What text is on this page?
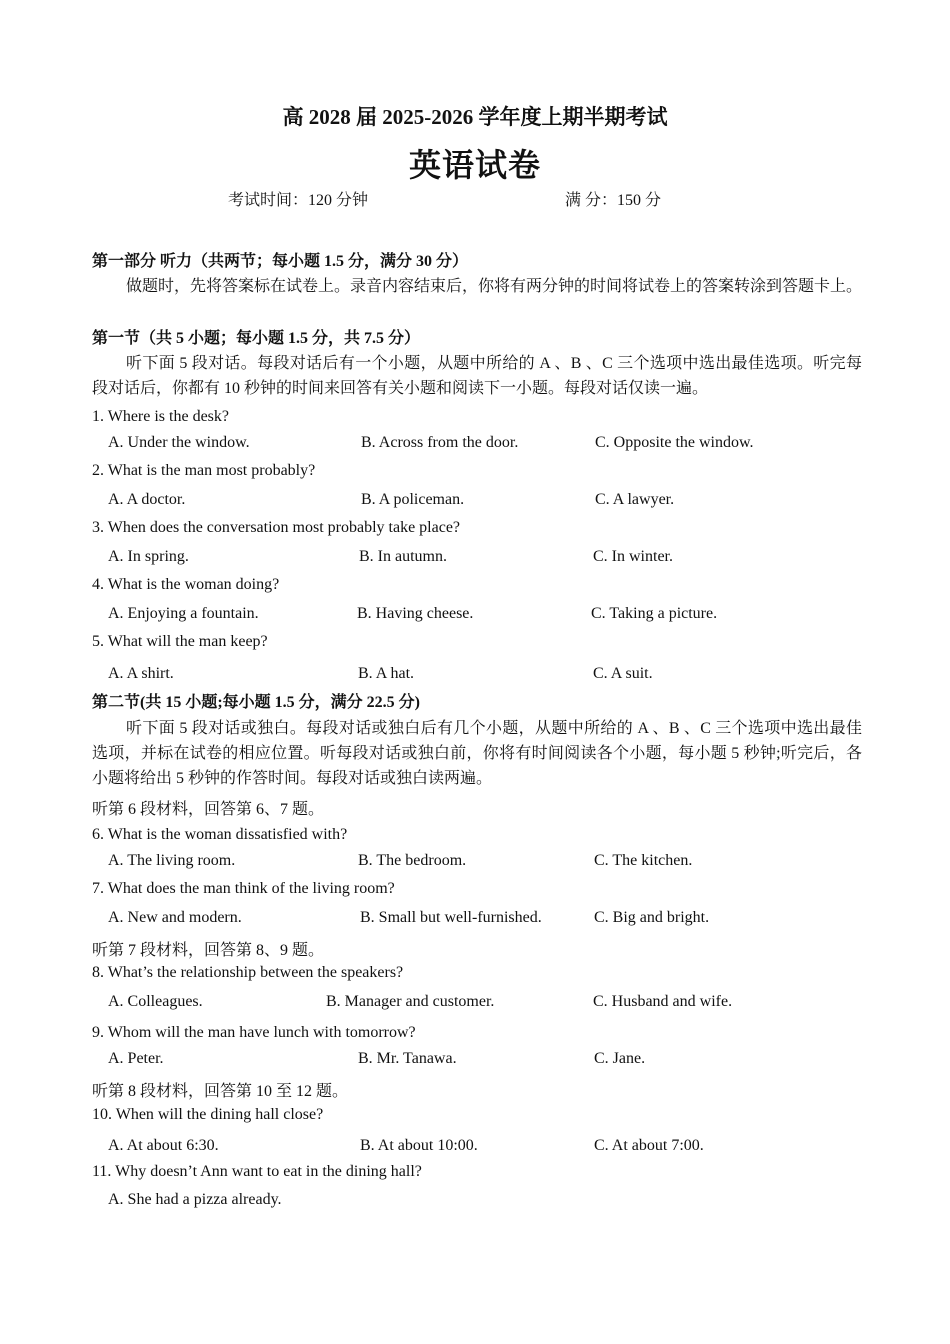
高 2028 届 2025-2026 学年度上期半期考试
英语试卷
考试时间：120 分钟	满 分：150 分
第一部分 听力（共两节；每小题 1.5 分，满分 30 分）
做题时，先将答案标在试卷上。录音内容结束后，你将有两分钟的时间将试卷上的答案转涂到答题卡上。
第一节（共 5 小题；每小题 1.5 分，共 7.5 分）
听下面 5 段对话。每段对话后有一个小题，从题中所给的 A 、B 、C 三个选项中选出最佳选项。听完每段对话后，你都有 10 秒钟的时间来回答有关小题和阅读下一小题。每段对话仅读一遍。
1. Where is the desk?
A. Under the window.	B. Across from the door.	C. Opposite the window.
2. What is the man most probably?
A. A doctor.	B. A policeman.	C. A lawyer.
3. When does the conversation most probably take place?
A. In spring.	B. In autumn.	C. In winter.
4. What is the woman doing?
A. Enjoying a fountain.	B. Having cheese.	C. Taking a picture.
5. What will the man keep?
A. A shirt.	B. A hat.	C. A suit.
第二节(共 15 小题;每小题 1.5 分，满分 22.5 分)
听下面 5 段对话或独白。每段对话或独白后有几个小题，从题中所给的 A 、B 、C 三个选项中选出最佳选项，并标在试卷的相应位置。听每段对话或独白前，你将有时间阅读各个小题，每小题 5 秒钟;听完后，各小题将给出 5 秒钟的作答时间。每段对话或独白读两遍。
听第 6 段材料，回答第 6、7 题。
6. What is the woman dissatisfied with?
A. The living room.	B. The bedroom.	C. The kitchen.
7. What does the man think of the living room?
A. New and modern.	B. Small but well-furnished.	C. Big and bright.
听第 7 段材料，回答第 8、9 题。
8. What’s the relationship between the speakers?
A. Colleagues.	B. Manager and customer.	C. Husband and wife.
9. Whom will the man have lunch with tomorrow?
A. Peter.	B. Mr. Tanawa.	C. Jane.
听第 8 段材料，回答第 10 至 12 题。
10. When will the dining hall close?
A. At about 6:30.	B. At about 10:00.	C. At about 7:00.
11. Why doesn’t Ann want to eat in the dining hall?
A. She had a pizza already.
